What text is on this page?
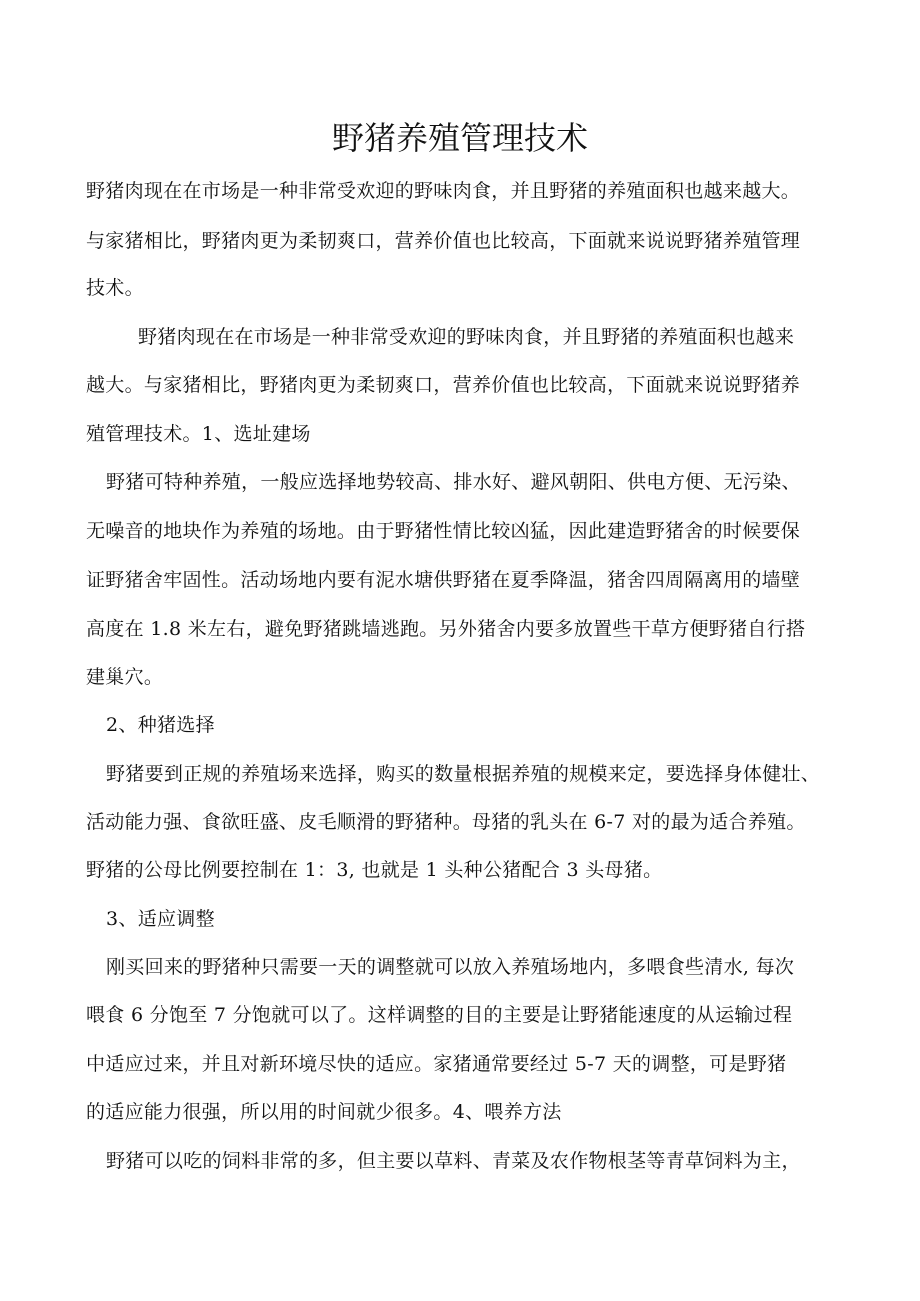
野猪养殖管理技术
野猪肉现在在市场是一种非常受欢迎的野味肉食，并且野猪的养殖面积也越来越大。
与家猪相比，野猪肉更为柔韧爽口，营养价值也比较高，下面就来说说野猪养殖管理
技术。
野猪肉现在在市场是一种非常受欢迎的野味肉食，并且野猪的养殖面积也越来
越大。与家猪相比，野猪肉更为柔韧爽口，营养价值也比较高，下面就来说说野猪养
殖管理技术。1、选址建场
野猪可特种养殖，一般应选择地势较高、排水好、避风朝阳、供电方便、无污染、
无噪音的地块作为养殖的场地。由于野猪性情比较凶猛，因此建造野猪舍的时候要保
证野猪舍牢固性。活动场地内要有泥水塘供野猪在夏季降温，猪舍四周隔离用的墙壁
高度在 1.8 米左右，避免野猪跳墙逃跑。另外猪舍内要多放置些干草方便野猪自行搭
建巢穴。
2、种猪选择
野猪要到正规的养殖场来选择，购买的数量根据养殖的规模来定，要选择身体健壮、
活动能力强、食欲旺盛、皮毛顺滑的野猪种。母猪的乳头在 6-7 对的最为适合养殖。
野猪的公母比例要控制在 1：3, 也就是 1 头种公猪配合 3 头母猪。
3、适应调整
刚买回来的野猪种只需要一天的调整就可以放入养殖场地内，多喂食些清水, 每次
喂食 6 分饱至 7 分饱就可以了。这样调整的目的主要是让野猪能速度的从运输过程
中适应过来，并且对新环境尽快的适应。家猪通常要经过 5-7 天的调整，可是野猪
的适应能力很强，所以用的时间就少很多。4、喂养方法
野猪可以吃的饲料非常的多，但主要以草料、青菜及农作物根茎等青草饲料为主，
